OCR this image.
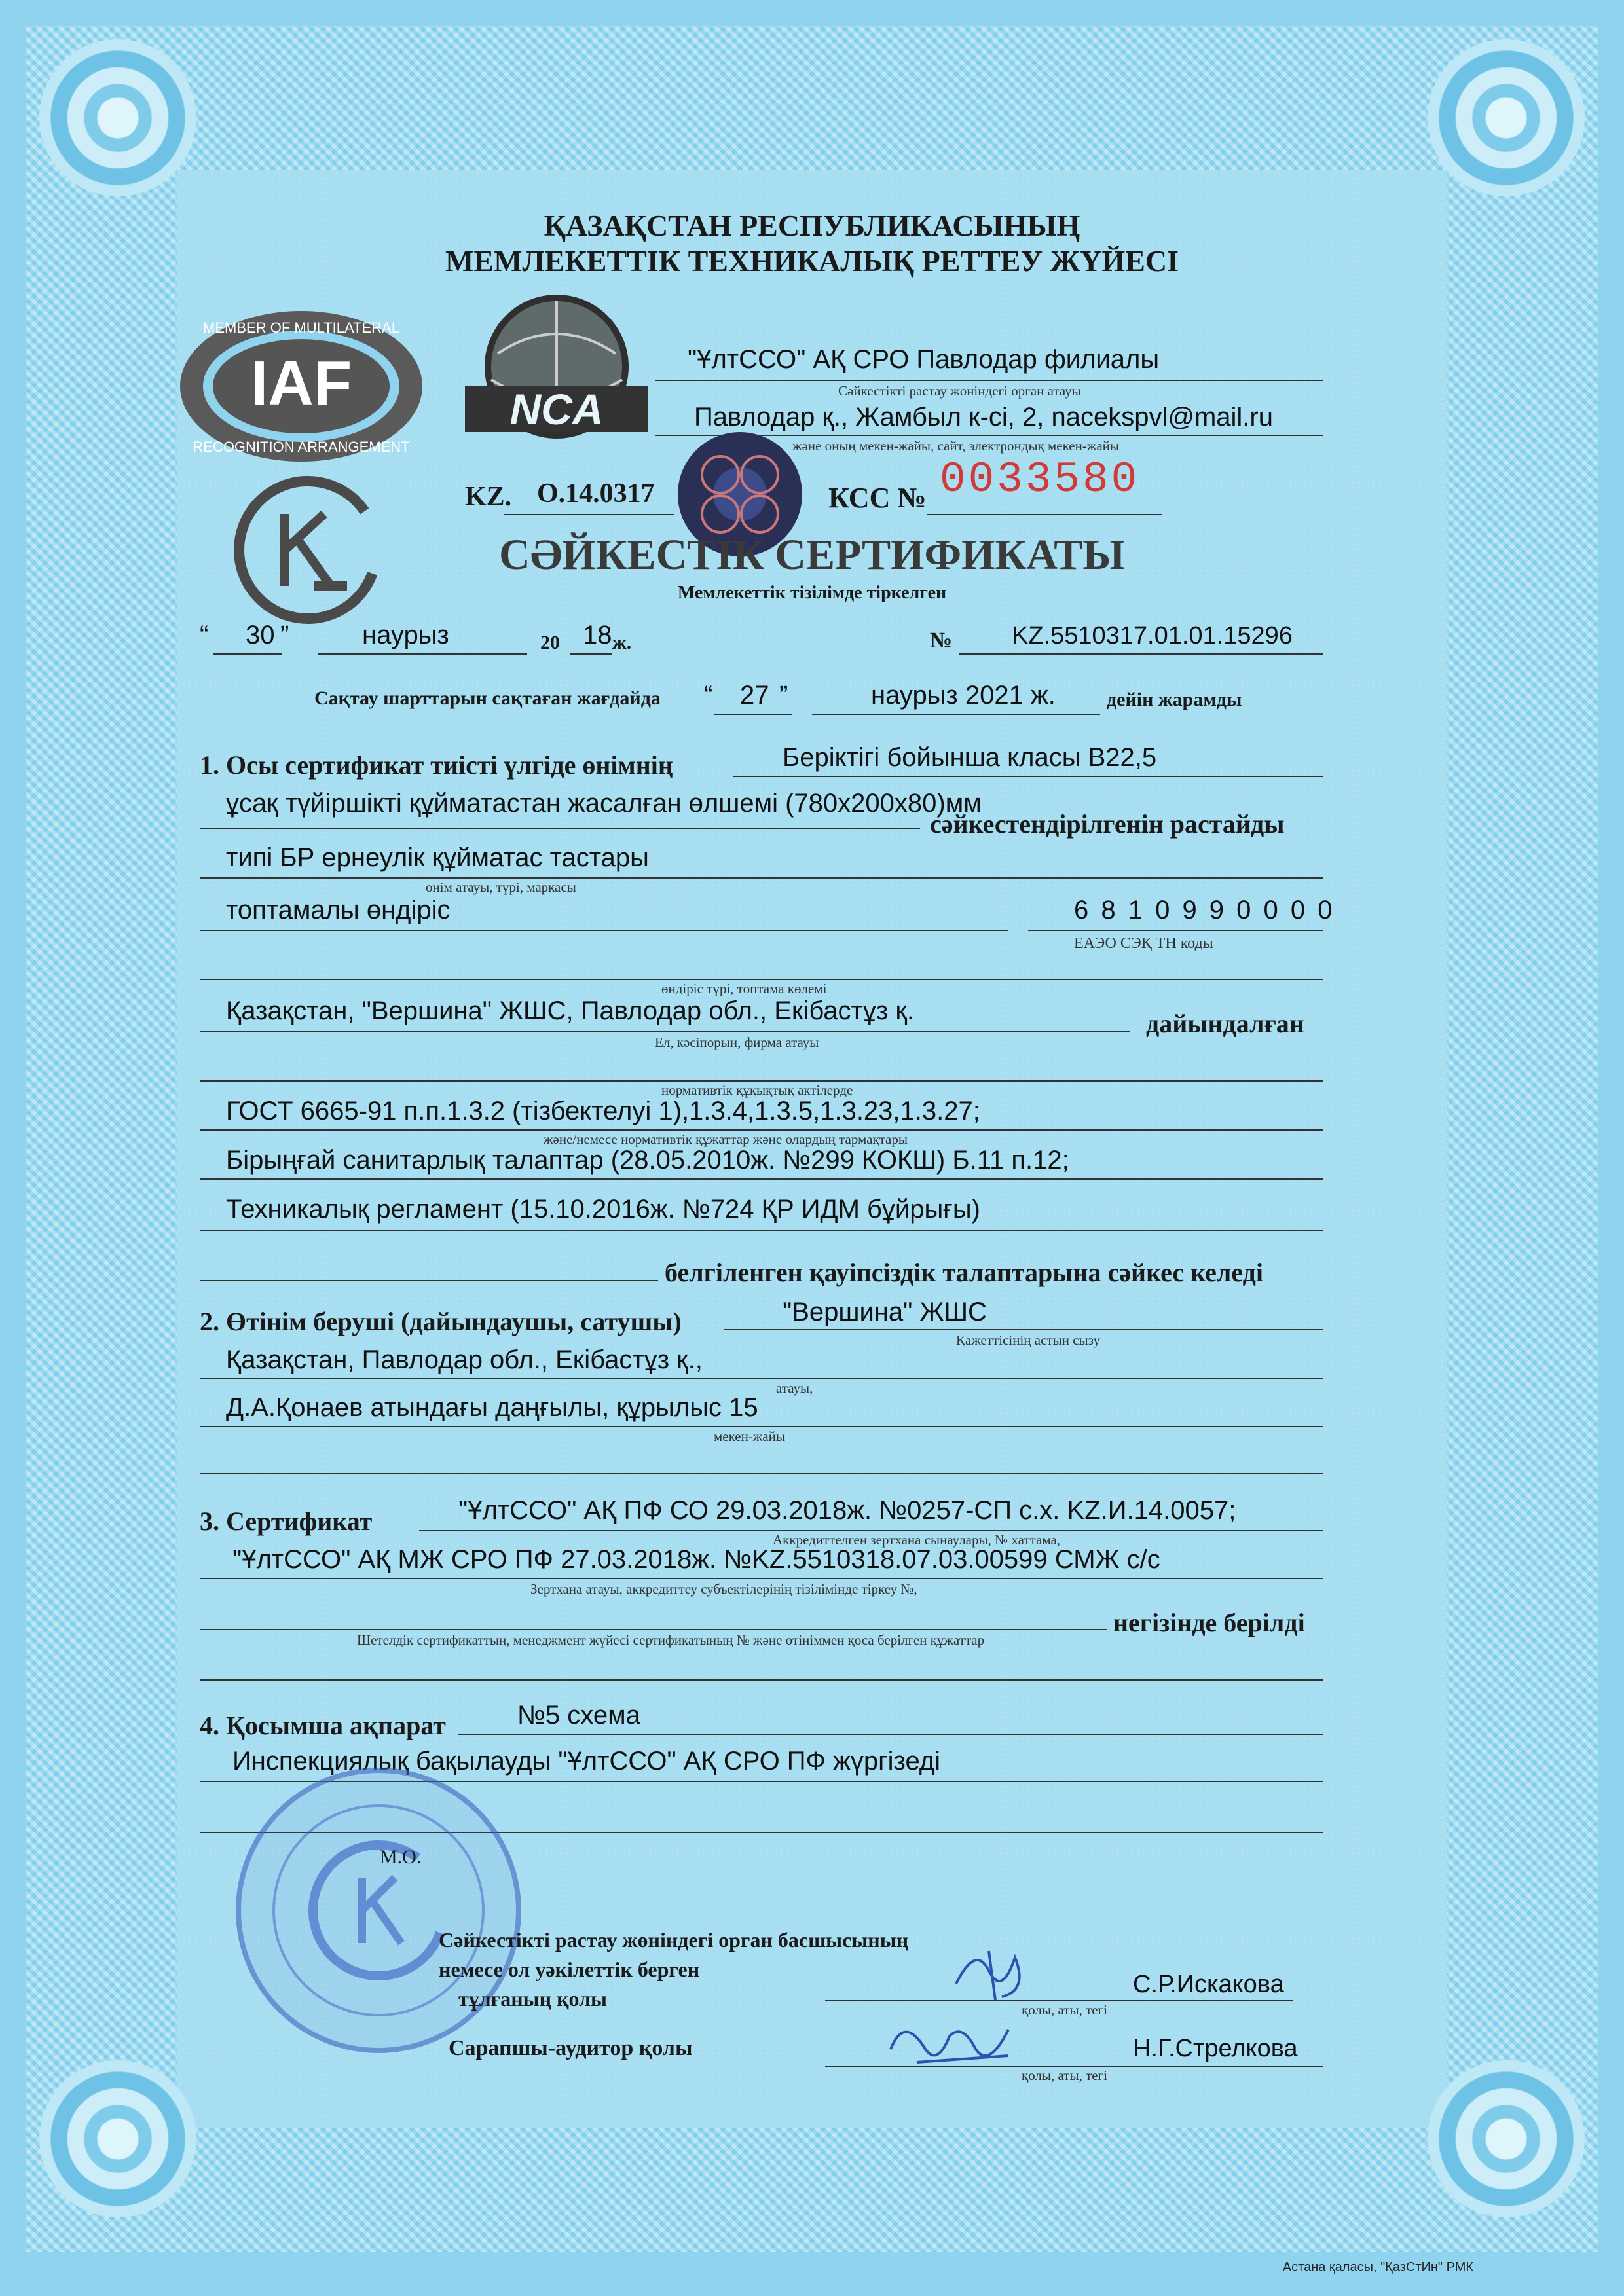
ҚАЗАҚСТАН РЕСПУБЛИКАСЫНЫҢ
МЕМЛЕКЕТТІК ТЕХНИКАЛЫҚ РЕТТЕУ ЖҮЙЕСІ
IAF
MEMBER OF MULTILATERAL
RECOGNITION ARRANGEMENT
NCA
"ҰлтССО" АҚ СРО Павлодар филиалы
Сәйкестікті растау жөніндегі орган атауы
Павлодар қ., Жамбыл к-сі, 2, nacekspvl@mail.ru
және оның мекен-жайы, сайт, электрондық мекен-жайы
KZ. О.14.0317	КСС № 0033580
СӘЙКЕСТІК СЕРТИФИКАТЫ
Мемлекеттік тізілімде тіркелген
“ 30 ”	наурыз	20 18 ж.	№ KZ.5510317.01.01.15296
Сақтау шарттарын сақтаған жағдайда “ 27 ”	наурыз 2021 ж.	дейін жарамды
1. Осы сертификат тиісті үлгіде өнімнің	Беріктігі бойынша класы В22,5
ұсақ түйіршікті құйматастан жасалған өлшемі (780х200х80)мм
сәйкестендірілгенін растайды
типі БР ернеулік құйматас тастары
өнім атауы, түрі, маркасы
топтамалы өндіріс	6 8 1 0 9 9 0 0 0 0
ЕАЭО СЭҚ ТН коды
өндіріс түрі, топтама көлемі
Қазақстан, "Вершина" ЖШС, Павлодар обл., Екібастұз қ.	дайындалған
Ел, кәсіпорын, фирма атауы
нормативтік құқықтық актілерде
ГОСТ 6665-91 п.п.1.3.2 (тізбектелуі 1),1.3.4,1.3.5,1.3.23,1.3.27;
және/немесе нормативтік құжаттар және олардың тармақтары
Бірыңғай санитарлық талаптар (28.05.2010ж. №299 КОКШ) Б.11 п.12;
Техникалық регламент (15.10.2016ж. №724 ҚР ИДМ бұйрығы)
белгіленген қауіпсіздік талаптарына сәйкес келеді
2. Өтінім беруші (дайындаушы, сатушы)	"Вершина" ЖШС
Қажеттісінің астын сызу
Қазақстан, Павлодар обл., Екібастұз қ.,
атауы,
Д.А.Қонаев атындағы даңғылы, құрылыс 15
мекен-жайы
3. Сертификат	"ҰлтССО" АҚ ПФ СО 29.03.2018ж. №0257-СП с.х. KZ.И.14.0057;
Аккредиттелген зертхана сынаулары, № хаттама,
"ҰлтССО" АҚ МЖ СРО ПФ 27.03.2018ж. №KZ.5510318.07.03.00599 СМЖ с/с
Зертхана атауы, аккредиттеу субъектілерінің тізілімінде тіркеу №,
негізінде берілді
Шетелдік сертификаттың, менеджмент жүйесі сертификатының № және өтініммен қоса берілген құжаттар
4. Қосымша ақпарат	№5 схема
Инспекциялық бақылауды "ҰлтССО" АҚ СРО ПФ жүргізеді
М.О.
Сәйкестікті растау жөніндегі орган басшысының
немесе ол уәкілеттік берген
тұлғаның қолы
С.Р.Искакова
қолы, аты, тегі
Сарапшы-аудитор қолы	Н.Г.Стрелкова
қолы, аты, тегі
Астана қаласы, "ҚазСтИн" РМК
